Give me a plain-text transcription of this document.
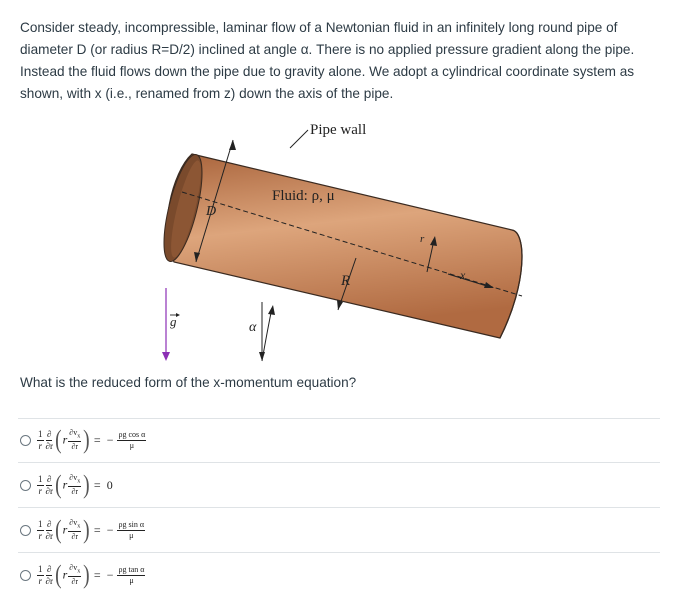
Consider steady, incompressible, laminar flow of a Newtonian fluid in an infinitely long round pipe of diameter D (or radius R=D/2) inclined at angle α. There is no applied pressure gradient along the pipe. Instead the fluid flows down the pipe due to gravity alone. We adopt a cylindrical coordinate system as shown, with x (i.e., renamed from z) down the axis of the pipe.

D
R
r
x
Fluid: ρ, μ
Pipe wall
α
g

What is the reduced form of the x-momentum equation?

$\frac{1}{r} \frac{\partial}{\partial r} (r \frac{\partial v_x}{\partial r}$ ) = − $\frac{\text{ρg cos α}}{\mu}$
$\frac{1}{r} \frac{\partial}{\partial r} (r \frac{\partial v_x}{\partial r}$ ) = 0
$\frac{1}{r} \frac{\partial}{\partial r} (r \frac{\partial v_x}{\partial r}$ ) = − $\frac{\text{ρg sin α}}{\mu}$
$\frac{1}{r} \frac{\partial}{\partial r} (r \frac{\partial v_x}{\partial r}$ ) = − $\frac{\text{ρg tan α}}{\mu}$
